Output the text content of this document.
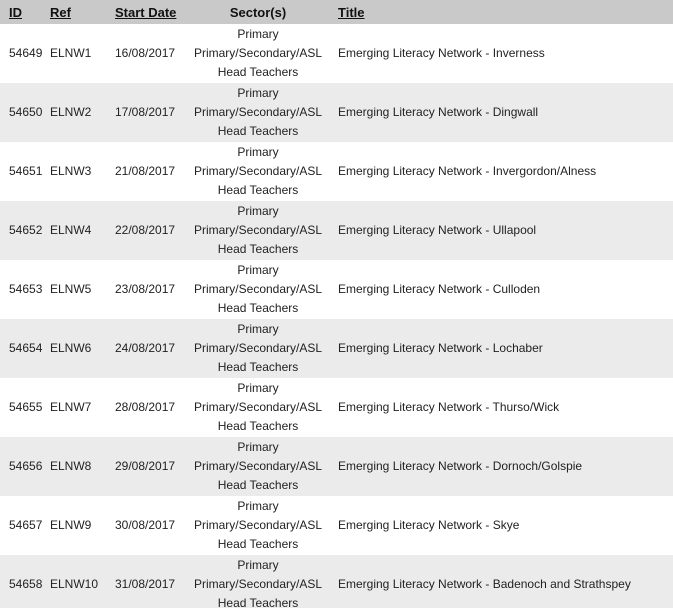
ID	Ref	Start Date	Sector(s)	Title
54649	ELNW1	16/08/2017	Primary
Primary/Secondary/ASL
Head Teachers	Emerging Literacy Network - Inverness
54650	ELNW2	17/08/2017	Primary
Primary/Secondary/ASL
Head Teachers	Emerging Literacy Network - Dingwall
54651	ELNW3	21/08/2017	Primary
Primary/Secondary/ASL
Head Teachers	Emerging Literacy Network - Invergordon/Alness
54652	ELNW4	22/08/2017	Primary
Primary/Secondary/ASL
Head Teachers	Emerging Literacy Network - Ullapool
54653	ELNW5	23/08/2017	Primary
Primary/Secondary/ASL
Head Teachers	Emerging Literacy Network - Culloden
54654	ELNW6	24/08/2017	Primary
Primary/Secondary/ASL
Head Teachers	Emerging Literacy Network - Lochaber
54655	ELNW7	28/08/2017	Primary
Primary/Secondary/ASL
Head Teachers	Emerging Literacy Network - Thurso/Wick
54656	ELNW8	29/08/2017	Primary
Primary/Secondary/ASL
Head Teachers	Emerging Literacy Network - Dornoch/Golspie
54657	ELNW9	30/08/2017	Primary
Primary/Secondary/ASL
Head Teachers	Emerging Literacy Network - Skye
54658	ELNW10	31/08/2017	Primary
Primary/Secondary/ASL
Head Teachers	Emerging Literacy Network - Badenoch and Strathspey
